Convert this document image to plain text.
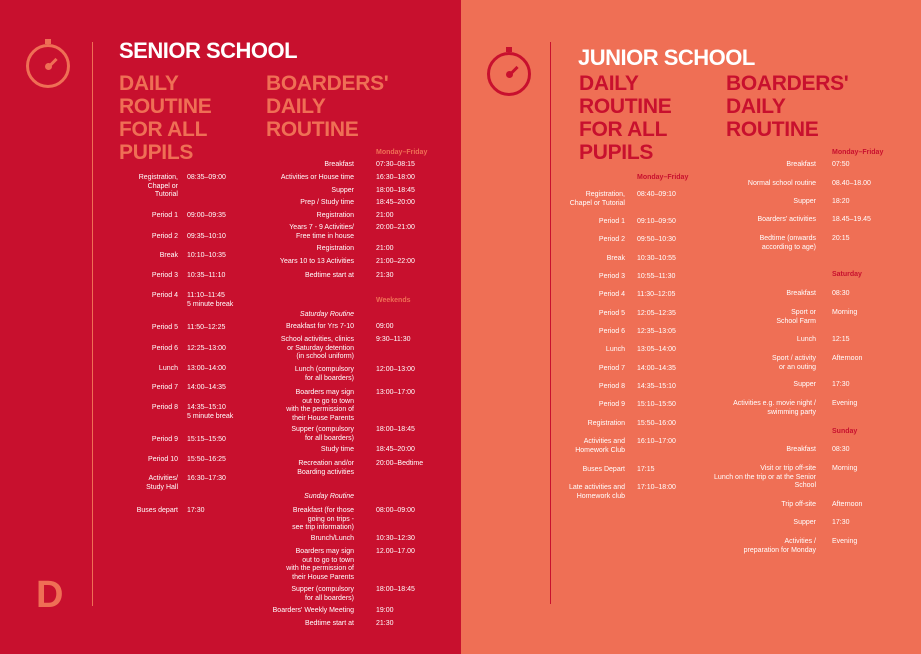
SENIOR SCHOOL
DAILY
ROUTINE
FOR ALL
PUPILS
BOARDERS'
DAILY
ROUTINE
Registration,
Chapel or
Tutorial
08:35–09:00
Period 1 09:00–09:35
Period 2 09:35–10:10
Break 10:10–10:35
Period 3 10:35–11:10
Period 4 11:10–11:45
5 minute break
Period 5 11:50–12:25
Period 6 12:25–13:00
Lunch 13:00–14:00
Period 7 14:00–14:35
Period 8 14:35–15:10
5 minute break
Period 9 15:15–15:50
Period 10 15:50–16:25
Activities/
Study Hall
16:30–17:30
Buses depart 17:30
Monday–Friday
Breakfast	07:30–08:15
Activities or House time	16:30–18:00
Supper	18:00–18:45
Prep / Study time	18:45–20:00
Registration	21:00
Years 7 - 9 Activities/
Free time in house
20:00–21:00
Registration	21:00
Years 10 to 13 Activities	21:00–22:00
Bedtime start at	21:30
Weekends
Saturday Routine
Breakfast for Yrs 7-10	09:00
School activities, clinics
or Saturday detention
(in school uniform)
9:30–11:30
Lunch (compulsory
for all boarders)
12:00–13:00
Boarders may sign
out to go to town
with the permission of
their House Parents
13:00–17:00
Supper (compulsory
for all boarders)
18:00–18:45
Study time	18:45–20:00
Recreation and/or
Boarding activities
20:00–Bedtime
Sunday Routine
Breakfast (for those
going on trips -
see trip information)
08:00–09:00
Brunch/Lunch	10:30–12:30
Boarders may sign
out to go to town
with the permission of
their House Parents
12.00–17.00
Supper (compulsory
for all boarders)
18:00–18:45
Boarders' Weekly Meeting	19:00
Bedtime start at	21:30
D
JUNIOR SCHOOL
DAILY
ROUTINE
FOR ALL
PUPILS
BOARDERS'
DAILY
ROUTINE
Monday–Friday
Registration,
Chapel or Tutorial
08:40–09:10
Period 1 09:10–09:50
Period 2 09:50–10:30
Break 10:30–10:55
Period 3 10:55–11:30
Period 4 11:30–12:05
Period 5 12:05–12:35
Period 6 12:35–13:05
Lunch 13:05–14:00
Period 7 14:00–14:35
Period 8 14:35–15:10
Period 9 15:10–15:50
Registration 15:50–16:00
Activities and
Homework Club
16:10–17:00
Buses Depart 17:15
Late activities and
Homework club
17:10–18:00
Monday–Friday
Breakfast 07:50
Normal school routine 08.40–18.00
Supper 18:20
Boarders' activities 18.45–19.45
Bedtime (onwards
according to age)
20:15
Saturday
Breakfast 08:30
Sport or
School Farm
Morning
Lunch 12:15
Sport / activity
or an outing
Afternoon
Supper 17:30
Activities e.g. movie night /
swimming party
Evening
Sunday
Breakfast 08:30
Visit or trip off-site
Lunch on the trip or at the Senior
School
Morning
Trip off-site Afternoon
Supper 17:30
Activities /
preparation for Monday
Evening
